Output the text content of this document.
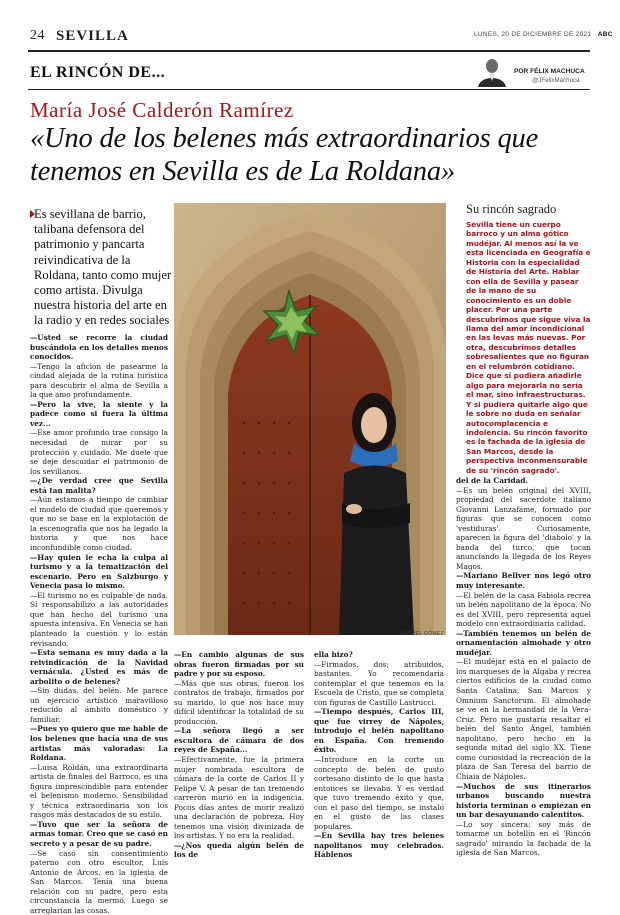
24 SEVILLA	LUNES, 20 DE DICIEMBRE DE 2021 ABC
EL RINCÓN DE...	POR FÉLIX MACHUCA
@JFelixMachuca
María José Calderón Ramírez
«Uno de los belenes más extraordinarios que tenemos en Sevilla es de La Roldana»
Es sevillana de barrio, talibana defensora del patrimonio y pancarta reivindicativa de la Roldana, tanto como mujer como artista. Divulga nuestra historia del arte en la radio y en redes sociales

—Usted se recorre la ciudad buscándola en los detalles menos conocidos.

—Tengo la afición de pasearme la ciudad alejada de la rutina turística para descubrir el alma de Sevilla a la que amo profundamente.

—Pero la vive, la siente y la padece como si fuera la última vez...

—Ese amor profundo trae consigo la necesidad de mirar por su protección y cuidado. Me duele que se deje descuidar el patrimonio de los sevillanos.

—¿De verdad cree que Sevilla está tan malita?

—Aún estamos a tiempo de cambiar el modelo de ciudad que queremos y que no se base en la explotación de la escenografía que nos ha legado la historia y que nos hace inconfundible como ciudad.

—Hay quien le echa la culpa al turismo y a la tematización del escenario. Pero en Salzburgo y Venecia pasa lo mismo.

—El turismo no es culpable de nada. Sí responsabilizo a las autoridades que han hecho del turismo una apuesta intensiva. En Venecia se han planteado la cuestión y lo están revisando.

—Esta semana es muy dada a la reivindicación de la Navidad vernácula. ¿Usted es más de arbolito o de belenes?

—Sin dudas, del belén. Me parece un ejercicio artístico maravilloso reducido al ámbito doméstico y familiar.

—Pues yo quiero que me hable de los belenes que hacía una de sus artistas más valoradas: La Roldana.

—Luisa Roldán, una extraordinaria artista de finales del Barroco, es una figura imprescindible para entender el belenismo moderno. Sensibilidad y técnica extraordinaria son los rasgos más destacados de su estilo.

—Tuvo que ser la señora de armas tomar. Creo que se casó en secreto y a pesar de su padre.

—Se casó sin consentimiento paterno con otro escultor, Luis Antonio de Arcos, en la iglesia de San Marcos. Tenía una buena relación con su padre, pero esta circunstancia la mermó. Luego se arreglarían las cosas.

—En cambio algunas de sus obras fueron firmadas por su padre y por su esposo.

—Más que sus obras, fueron los contratos de trabajo, firmados por su marido, lo que nos hace muy difícil identificar la totalidad de su producción.

—La señora llegó a ser escultora de cámara de dos reyes de España...

—Efectivamente, fue la primera mujer nombrada escultora de cámara de la corte de Carlos II y Felipe V. A pesar de tan tremendo carrerón murió en la indigencia. Pocos días antes de morir realizó una declaración de pobreza. Hoy tenemos una visión divinizada de los artistas. Y no era la realidad.

—¿Nos queda algún belén de los de

ella hizo?

—Firmados, dos; atribuidos, bastantes. Yo recomendaría contemplar el que tenemos en la Escuela de Cristo, que se completa con figuras de Castillo Lastrucci.

—Tiempo después, Carlos III, que fue virrey de Nápoles, introdujo el belén napolitano en España. Con tremendo éxito.

—Introduce en la corte un concepto de belén de gusto cortesano distinto de lo que hasta entonces se llevaba. Y es verdad que tuvo tremendo éxito y que, con el paso del tiempo, se instaló en el gusto de las clases populares.

—En Sevilla hay tres belenes napolitanos muy celebrados. Háblenos

del de la Caridad.

—Es un belén original del XVIII, propiedad del sacerdote italiano Giovanni Lanzafame, formado por figuras que se conocen como 'vestiduras'. Curiosamente, aparecen la figura del 'diabolo' y la banda del turco, que tocan anunciando la llegada de los Reyes Magos.

—Mariano Bellver nos legó otro muy interesante.

—El belén de la casa Fabiola recrea un belén napolitano de la época. No es del XVIII, pero representa aquel modelo con extraordinaria calidad.

—También tenemos un belén de ornamentación almohade y otro mudéjar.

—El mudéjar está en el palacio de los marqueses de la Algaba y recrea ciertos edificios de la ciudad como Santa Catalina, San Marcos y Omnium Sanctorum. El almohade se ve en la hermandad de la Vera-Cruz. Pero me gustaría resaltar el belén del Santo Ángel, también napolitano, pero hecho en la segunda mitad del siglo XX. Tiene como curiosidad la recreación de la plaza de San Teresa del barrio de Chiaia de Nápoles.

—Muchos de sus itinerarios urbanos buscando nuestra historia terminan o empiezan en un bar desayunando calentitos.

—Lo soy sincera: soy más de tomarme un botellín en el 'Rincón sagrado' mirando la fachada de la iglesia de San Marcos.

MANUEL GÓMEZ
Su rincón sagrado
Sevilla tiene un cuerpo barroco y un alma gótico mudéjar. Al menos así la ve esta licenciada en Geografía e Historia con la especialidad de Historia del Arte. Hablar con ella de Sevilla y pasear de la mano de su conocimiento es un doble placer. Por una parte descubrimos que sigue viva la llama del amor incondicional en las levas más nuevas. Por otra, descubrimos detalles sobresalientes que no figuran en el relumbrón cotidiano. Dice que si pudiera añadirle algo para mejorarla no sería el mar, sino infraestructuras. Y si pudiera quitarle algo que le sobre no duda en señalar autocomplacencia e indolencia. Su rincón favorito es la fachada de la iglesia de San Marcos, desde la perspectiva inconmensurable de su 'rincón sagrado'.
